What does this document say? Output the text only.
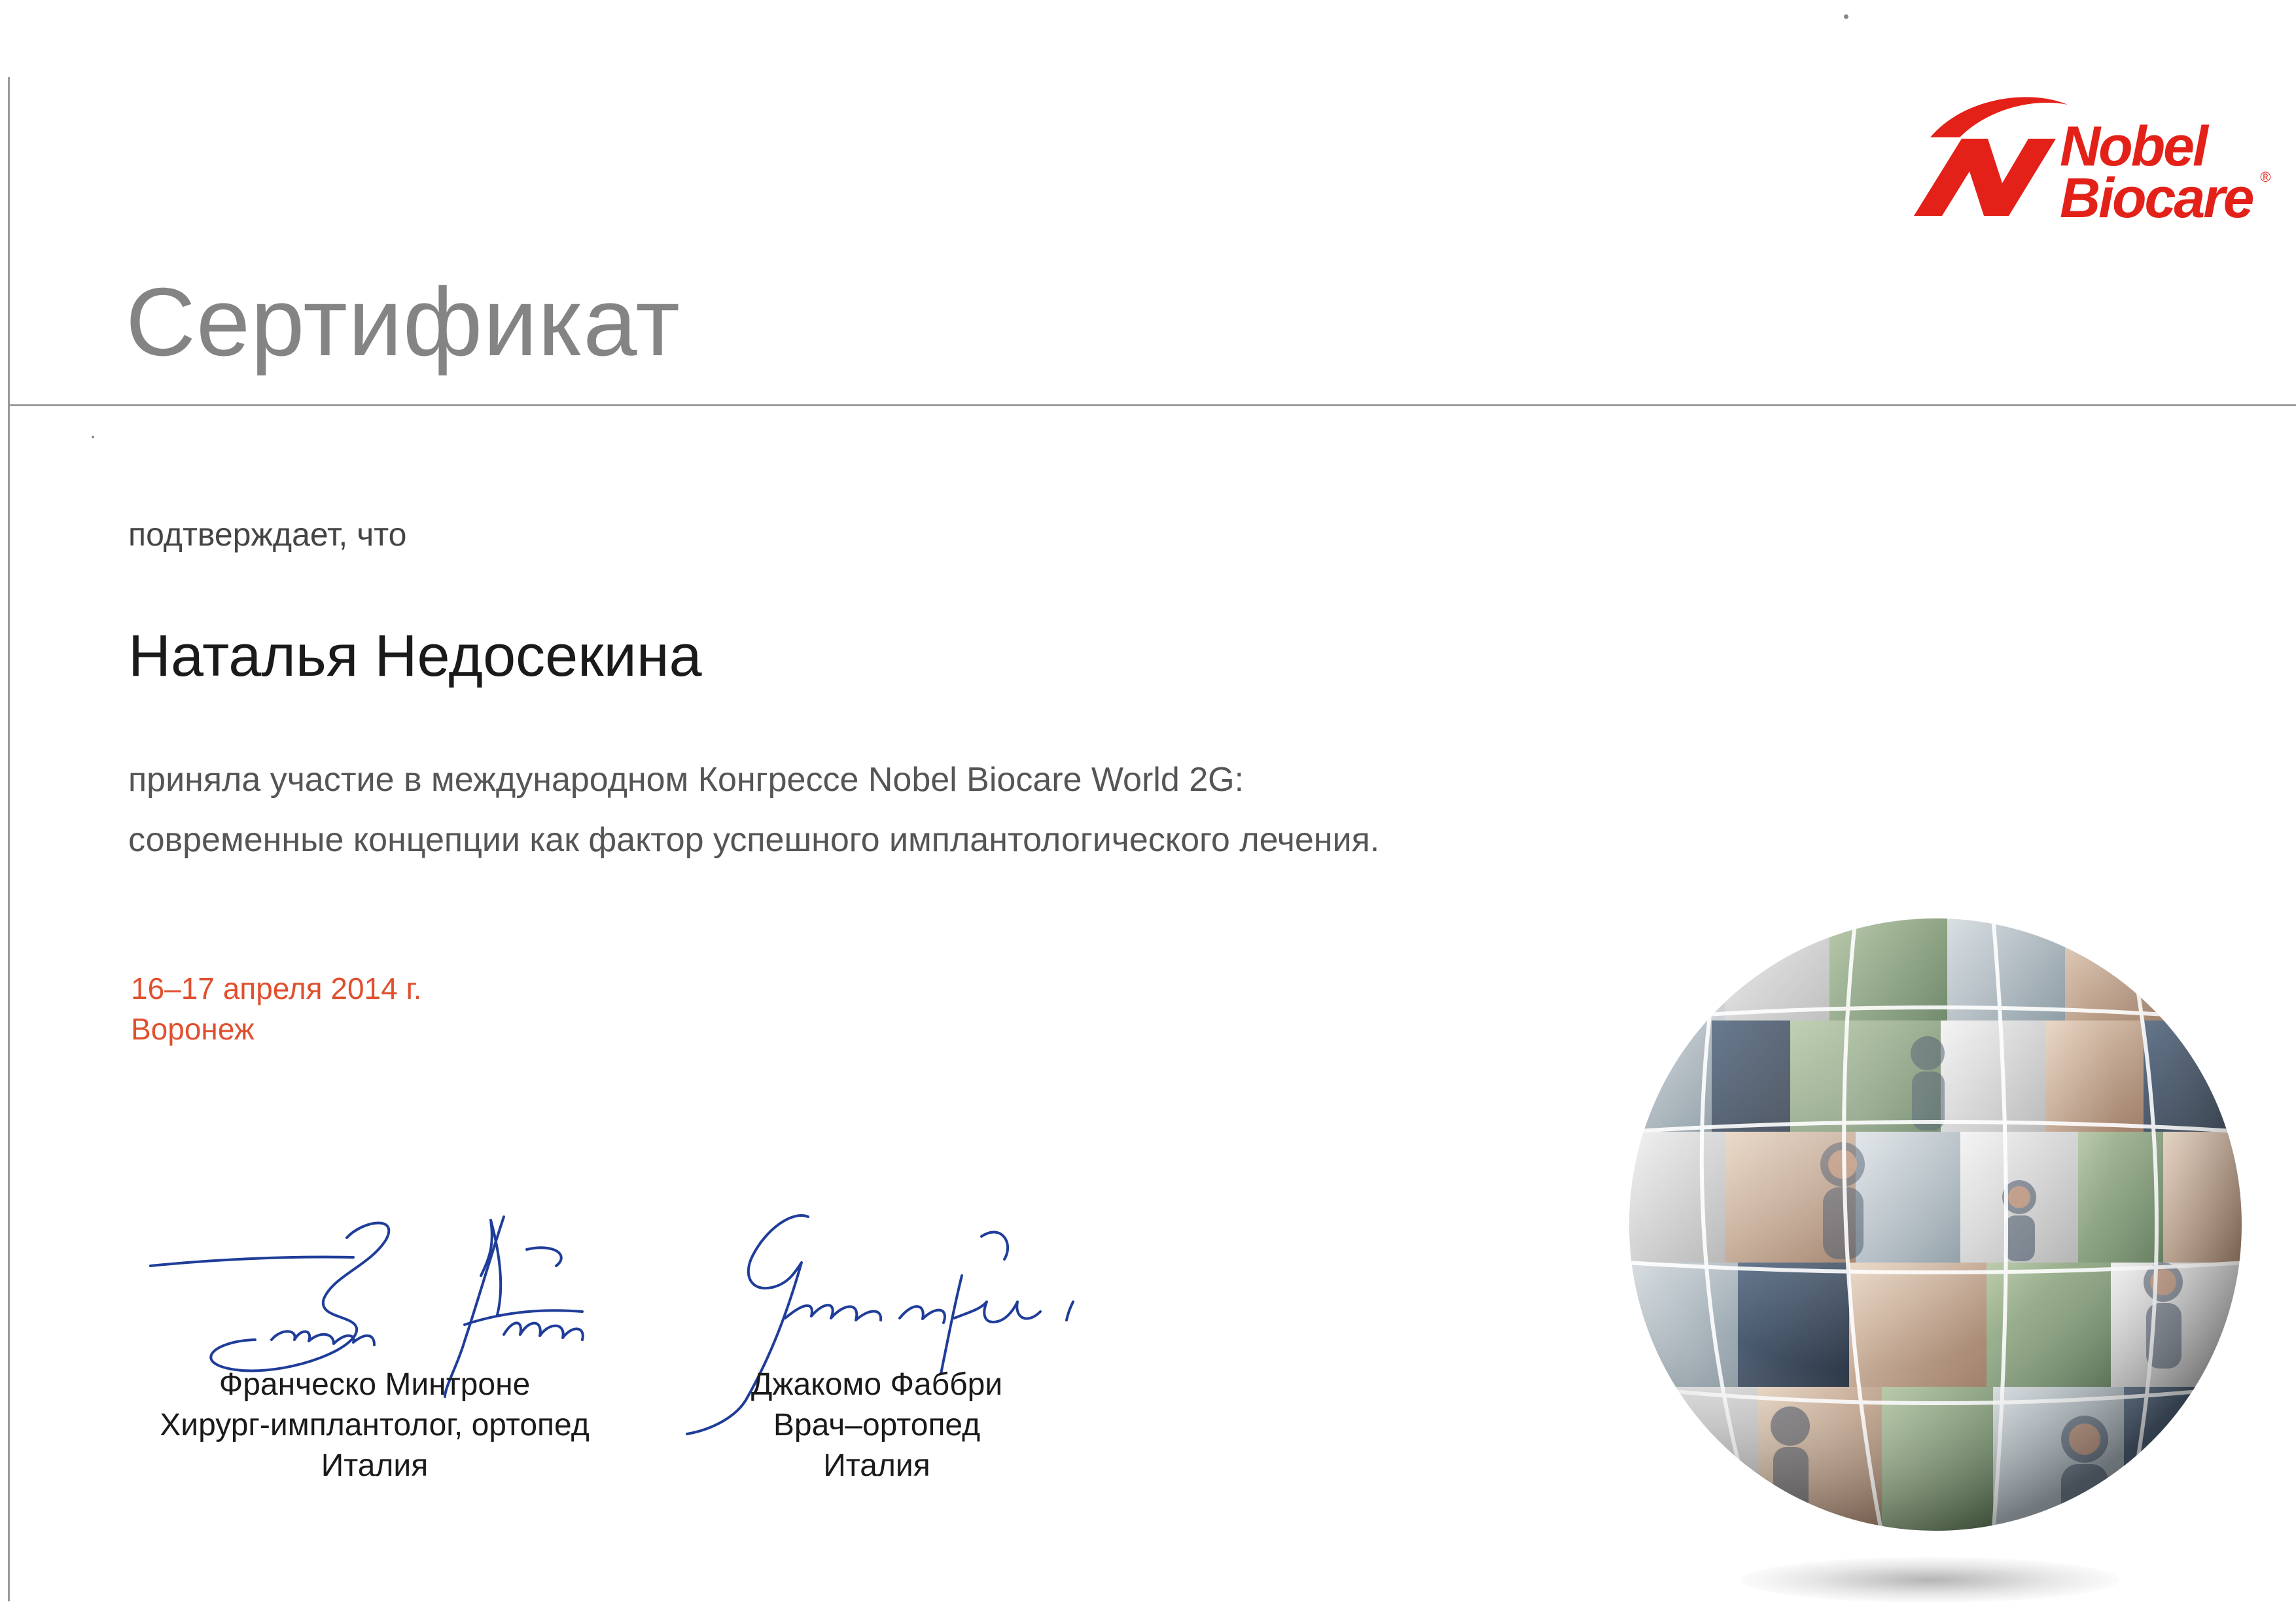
Nobel
Biocare ®
Сертификат
подтверждает, что
Наталья Недосекина
приняла участие в международном Конгрессе Nobel Biocare World 2G:
современные концепции как фактор успешного имплантологического лечения.
16–17 апреля 2014 г.
Воронеж
Франческо Минтроне
Хирург-имплантолог, ортопед
Италия
Джакомо Фаббри
Врач–ортопед
Италия
